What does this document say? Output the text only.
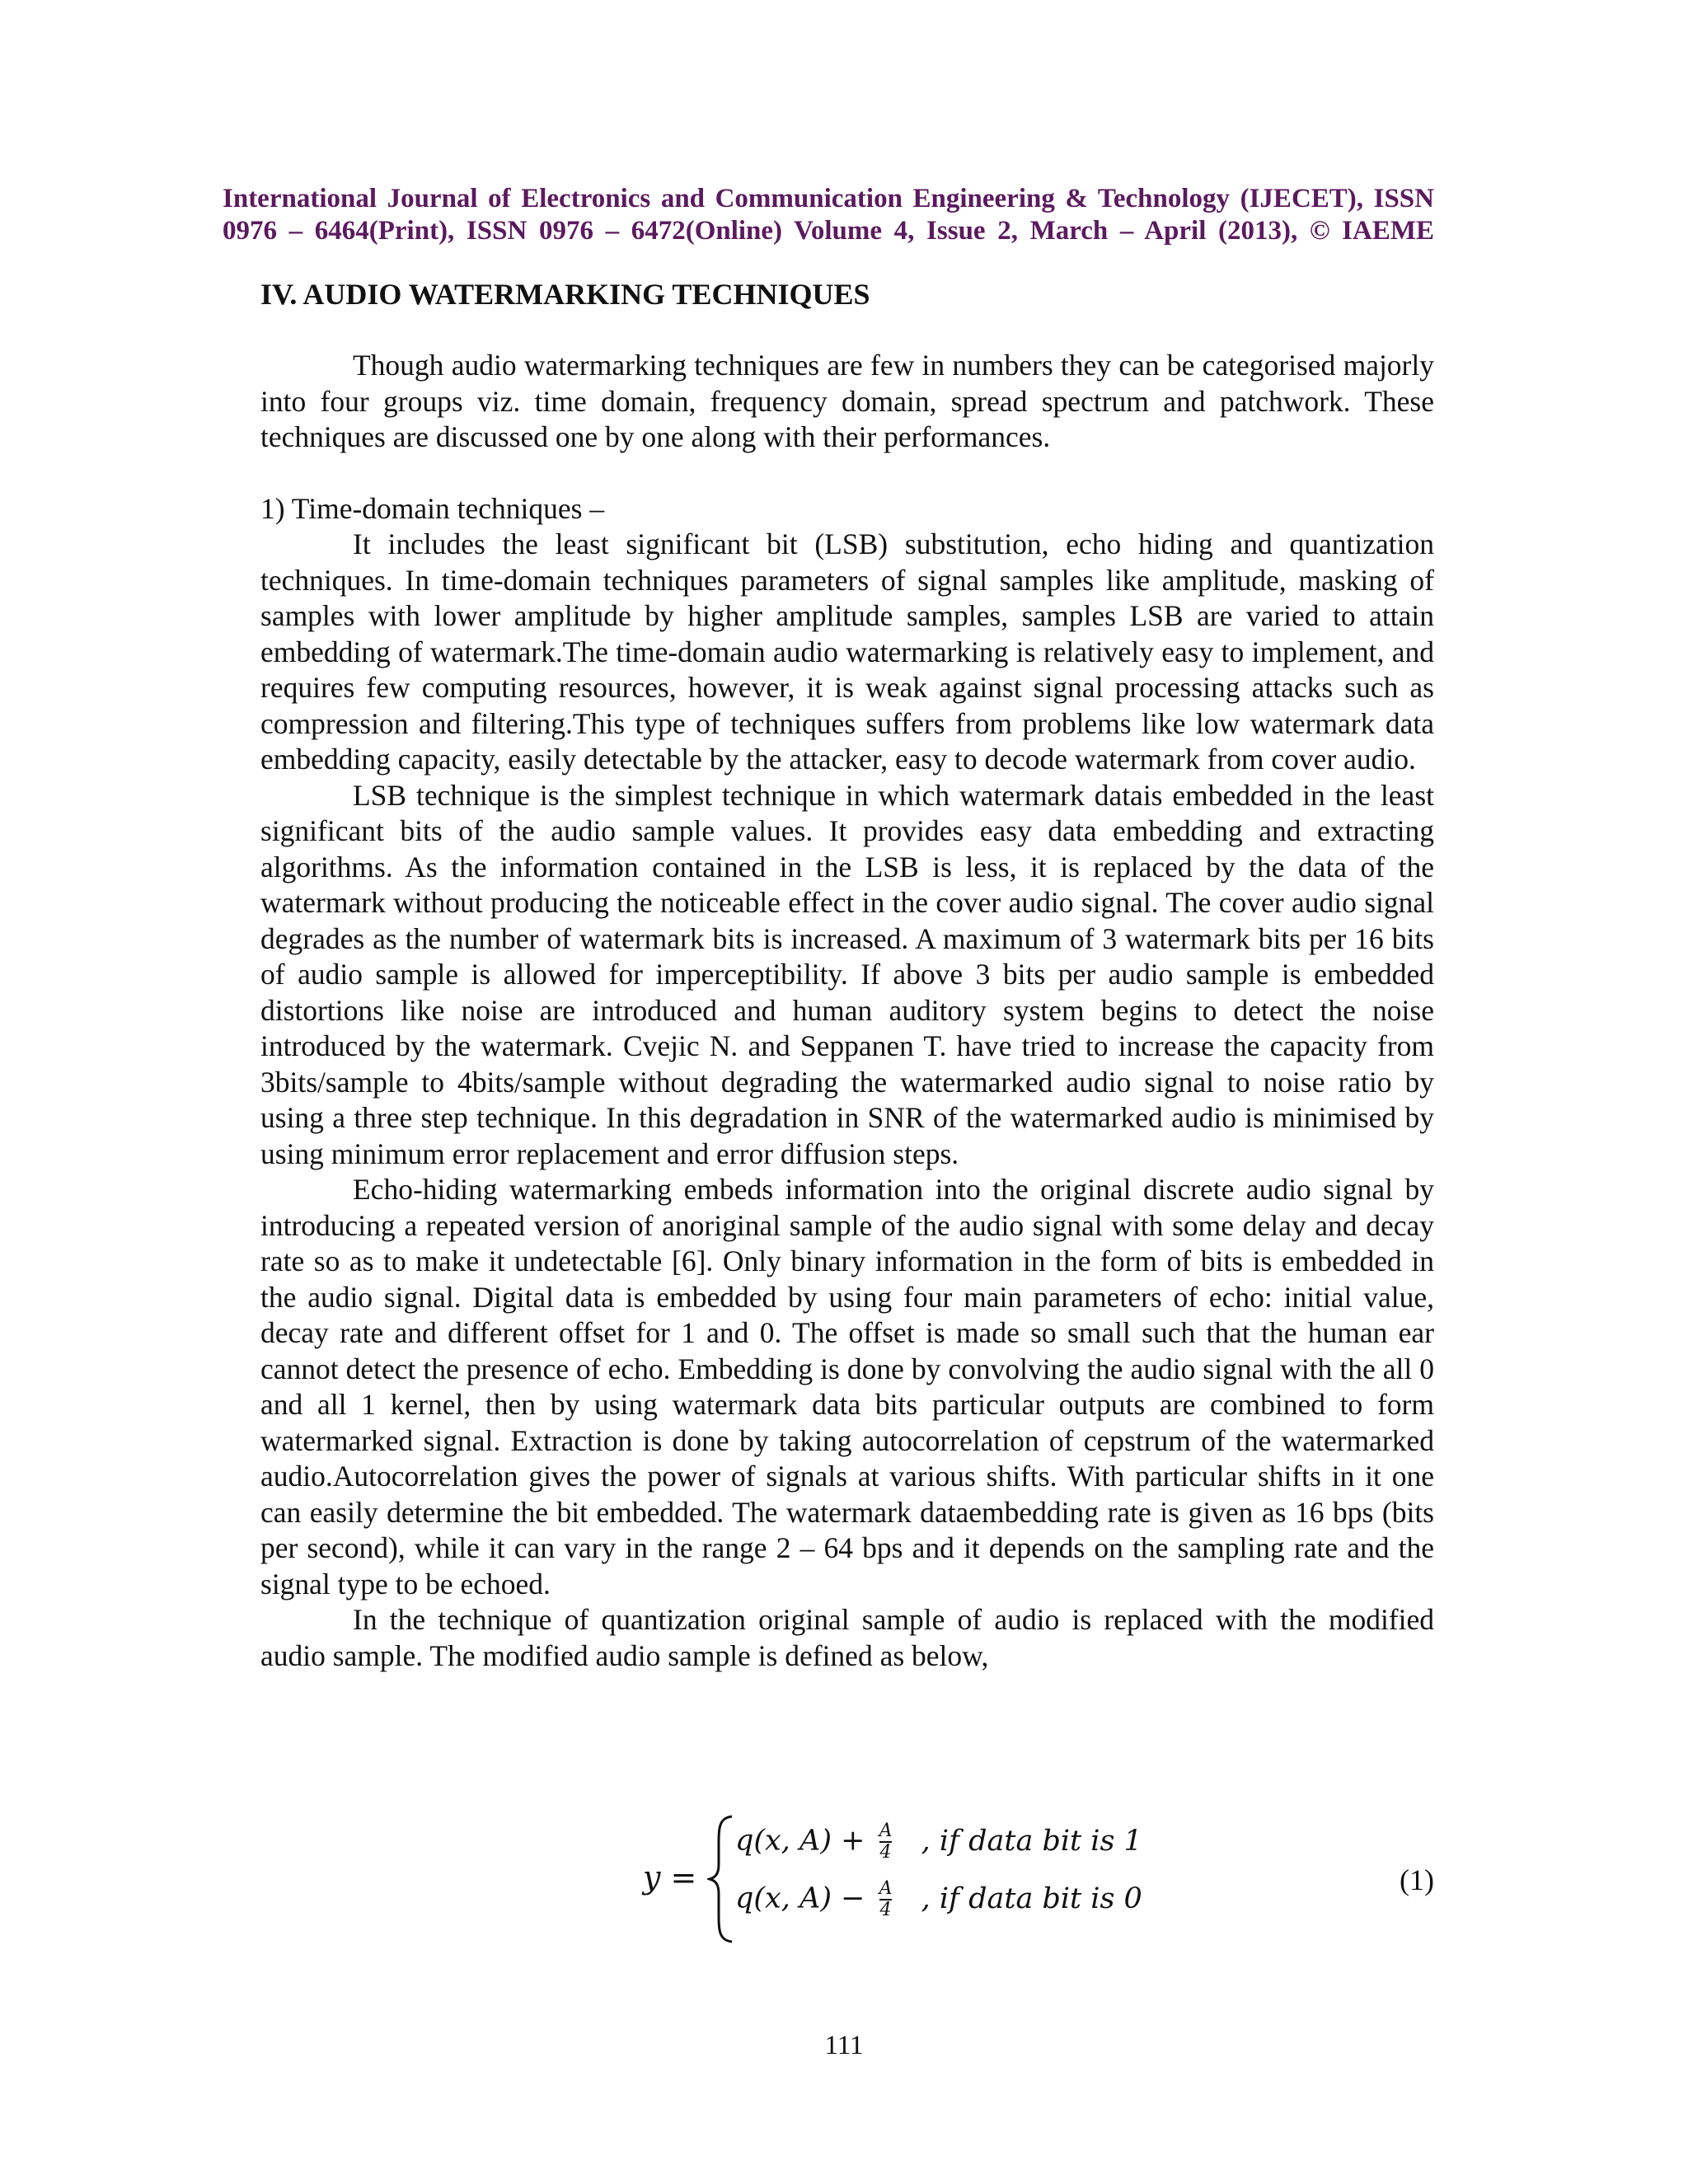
International Journal of Electronics and Communication Engineering & Technology (IJECET), ISSN
0976 – 6464(Print), ISSN 0976 – 6472(Online) Volume 4, Issue 2, March – April (2013), © IAEME
IV. AUDIO WATERMARKING TECHNIQUES

Though audio watermarking techniques are few in numbers they can be categorised majorly into four groups viz. time domain, frequency domain, spread spectrum and patchwork. These techniques are discussed one by one along with their performances.

1) Time-domain techniques –

It includes the least significant bit (LSB) substitution, echo hiding and quantization techniques. In time-domain techniques parameters of signal samples like amplitude, masking of samples with lower amplitude by higher amplitude samples, samples LSB are varied to attain embedding of watermark.The time-domain audio watermarking is relatively easy to implement, and requires few computing resources, however, it is weak against signal processing attacks such as compression and filtering.This type of techniques suffers from problems like low watermark data embedding capacity, easily detectable by the attacker, easy to decode watermark from cover audio.

LSB technique is the simplest technique in which watermark datais embedded in the least significant bits of the audio sample values. It provides easy data embedding and extracting algorithms. As the information contained in the LSB is less, it is replaced by the data of the watermark without producing the noticeable effect in the cover audio signal. The cover audio signal degrades as the number of watermark bits is increased. A maximum of 3 watermark bits per 16 bits of audio sample is allowed for imperceptibility. If above 3 bits per audio sample is embedded distortions like noise are introduced and human auditory system begins to detect the noise introduced by the watermark. Cvejic N. and Seppanen T. have tried to increase the capacity from 3bits/sample to 4bits/sample without degrading the watermarked audio signal to noise ratio by using a three step technique. In this degradation in SNR of the watermarked audio is minimised by using minimum error replacement and error diffusion steps.

Echo-hiding watermarking embeds information into the original discrete audio signal by introducing a repeated version of anoriginal sample of the audio signal with some delay and decay rate so as to make it undetectable [6]. Only binary information in the form of bits is embedded in the audio signal. Digital data is embedded by using four main parameters of echo: initial value, decay rate and different offset for 1 and 0. The offset is made so small such that the human ear cannot detect the presence of echo. Embedding is done by convolving the audio signal with the all 0 and all 1 kernel, then by using watermark data bits particular outputs are combined to form watermarked signal. Extraction is done by taking autocorrelation of cepstrum of the watermarked audio.Autocorrelation gives the power of signals at various shifts. With particular shifts in it one can easily determine the bit embedded. The watermark dataembedding rate is given as 16 bps (bits per second), while it can vary in the range 2 – 64 bps and it depends on the sampling rate and the signal type to be echoed.

In the technique of quantization original sample of audio is replaced with the modified audio sample. The modified audio sample is defined as below,

y =
q(x, $A) + \frac{A}{4}$ , if data bit is 1
q(x, $A) - \frac{A}{4}$ , if data bit is 0
(1)
111
